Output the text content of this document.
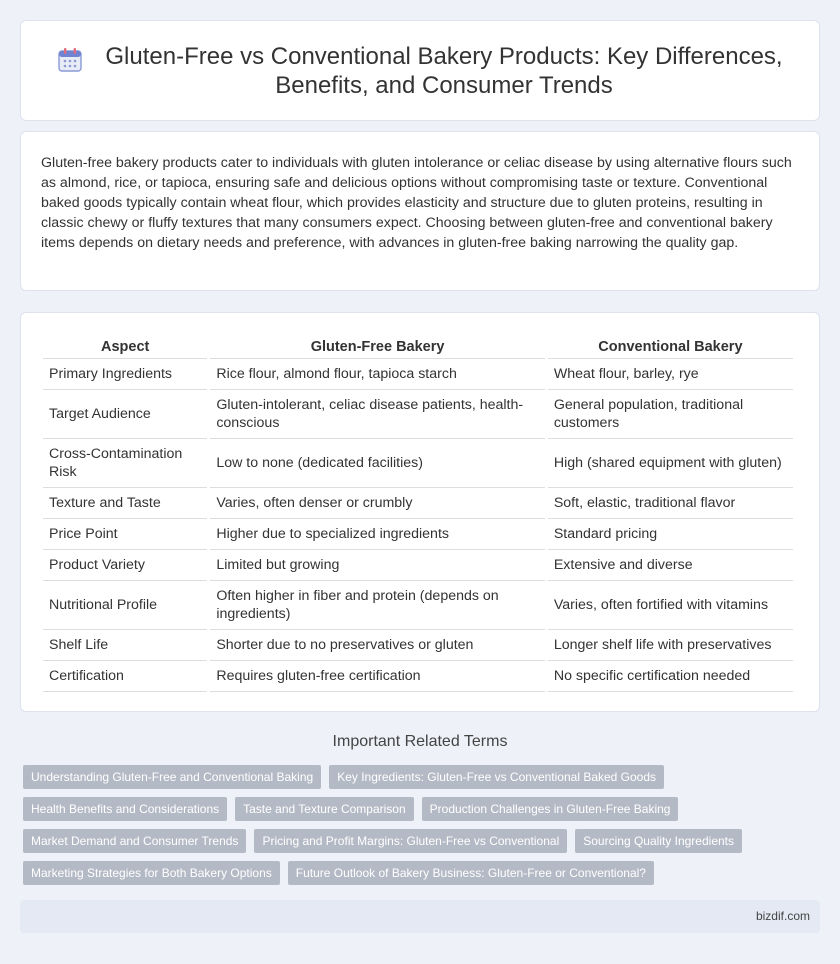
Gluten-Free vs Conventional Bakery Products: Key Differences, Benefits, and Consumer Trends

Gluten-free bakery products cater to individuals with gluten intolerance or celiac disease by using alternative flours such as almond, rice, or tapioca, ensuring safe and delicious options without compromising taste or texture. Conventional baked goods typically contain wheat flour, which provides elasticity and structure due to gluten proteins, resulting in classic chewy or fluffy textures that many consumers expect. Choosing between gluten-free and conventional bakery items depends on dietary needs and preference, with advances in gluten-free baking narrowing the quality gap.

Aspect	Gluten-Free Bakery	Conventional Bakery
Primary Ingredients	Rice flour, almond flour, tapioca starch	Wheat flour, barley, rye
Target Audience	Gluten-intolerant, celiac disease patients, health-conscious	General population, traditional customers
Cross-Contamination Risk	Low to none (dedicated facilities)	High (shared equipment with gluten)
Texture and Taste	Varies, often denser or crumbly	Soft, elastic, traditional flavor
Price Point	Higher due to specialized ingredients	Standard pricing
Product Variety	Limited but growing	Extensive and diverse
Nutritional Profile	Often higher in fiber and protein (depends on ingredients)	Varies, often fortified with vitamins
Shelf Life	Shorter due to no preservatives or gluten	Longer shelf life with preservatives
Certification	Requires gluten-free certification	No specific certification needed
Important Related Terms
Understanding Gluten-Free and Conventional Baking	Key Ingredients: Gluten-Free vs Conventional Baked Goods
Health Benefits and Considerations	Taste and Texture Comparison	Production Challenges in Gluten-Free Baking
Market Demand and Consumer Trends	Pricing and Profit Margins: Gluten-Free vs Conventional	Sourcing Quality Ingredients
Marketing Strategies for Both Bakery Options	Future Outlook of Bakery Business: Gluten-Free or Conventional?
bizdif.com
